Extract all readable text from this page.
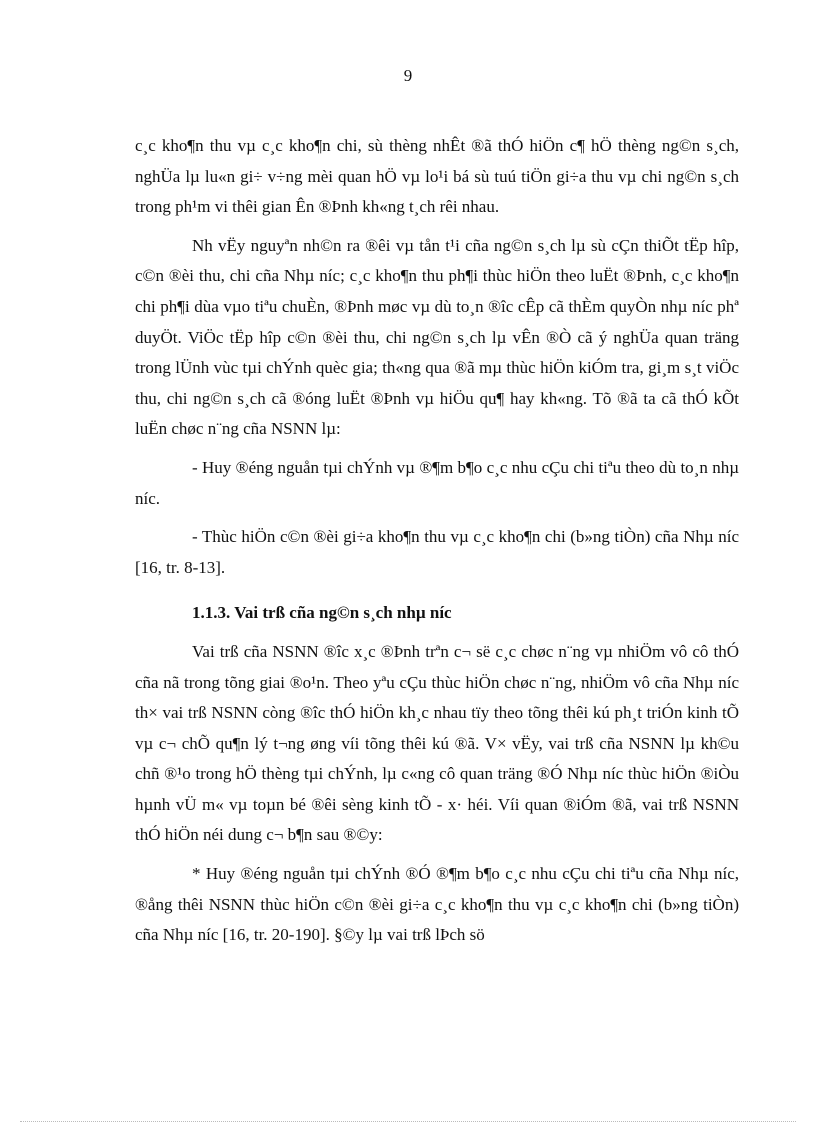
9

c¸c kho¶n thu vµ c¸c kho¶n chi, sù thèng nhÊt ®ã thÓ hiÖn c¶ hÖ thèng ng©n s¸ch, nghÜa lµ lu«n gi÷ v÷ng mèi quan hÖ vµ lo¹i bá sù tuú tiÖn gi÷a thu vµ chi ng©n s¸ch trong ph¹m vi thêi gian Ên ®Þnh kh«ng t¸ch rêi nhau.

Nh vËy nguyªn nh©n ra ®êi vµ tån t¹i cña ng©n s¸ch lµ sù cÇn thiÕt tËp hîp, c©n ®èi thu, chi cña Nhµ níc; c¸c kho¶n thu ph¶i thùc hiÖn theo luËt ®Þnh, c¸c kho¶n chi ph¶i dùa vµo tiªu chuÈn, ®Þnh møc vµ dù to¸n ®îc cÊp cã thÈm quyÒn nhµ níc phª duyÖt. ViÖc tËp hîp c©n ®èi thu, chi ng©n s¸ch lµ vÊn ®Ò cã ý nghÜa quan träng trong lÜnh vùc tµi chÝnh quèc gia; th«ng qua ®ã mµ thùc hiÖn kiÓm tra, gi¸m s¸t viÖc thu, chi ng©n s¸ch cã ®óng luËt ®Þnh vµ hiÖu qu¶ hay kh«ng. Tõ ®ã ta cã thÓ kÕt luËn chøc n¨ng cña NSNN lµ:

- Huy ®éng nguån tµi chÝnh vµ ®¶m b¶o c¸c nhu cÇu chi tiªu theo dù to¸n nhµ níc.

- Thùc hiÖn c©n ®èi gi÷a kho¶n thu vµ c¸c kho¶n chi (b»ng tiÒn) cña Nhµ níc [16, tr. 8-13].

1.1.3. Vai trß cña ng©n s¸ch nhµ níc

Vai trß cña NSNN ®îc x¸c ®Þnh trªn c¬ së c¸c chøc n¨ng vµ nhiÖm vô cô thÓ cña nã trong tõng giai ®o¹n. Theo yªu cÇu thùc hiÖn chøc n¨ng, nhiÖm vô cña Nhµ níc th× vai trß NSNN còng ®îc thÓ hiÖn kh¸c nhau tïy theo tõng thêi kú ph¸t triÓn kinh tÕ vµ c¬ chÕ qu¶n lý t¬ng øng víi tõng thêi kú ®ã. V× vËy, vai trß cña NSNN lµ kh©u chñ ®¹o trong hÖ thèng tµi chÝnh, lµ c«ng cô quan träng ®Ó Nhµ níc thùc hiÖn ®iÒu hµnh vÜ m« vµ toµn bé ®êi sèng kinh tÕ - x· héi. Víi quan ®iÓm ®ã, vai trß NSNN thÓ hiÖn néi dung c¬ b¶n sau ®©y:

* Huy ®éng nguån tµi chÝnh ®Ó ®¶m b¶o c¸c nhu cÇu chi tiªu cña Nhµ níc, ®ång thêi NSNN thùc hiÖn c©n ®èi gi÷a c¸c kho¶n thu vµ c¸c kho¶n chi (b»ng tiÒn) cña Nhµ níc [16, tr. 20-190]. §©y lµ vai trß lÞch sö
